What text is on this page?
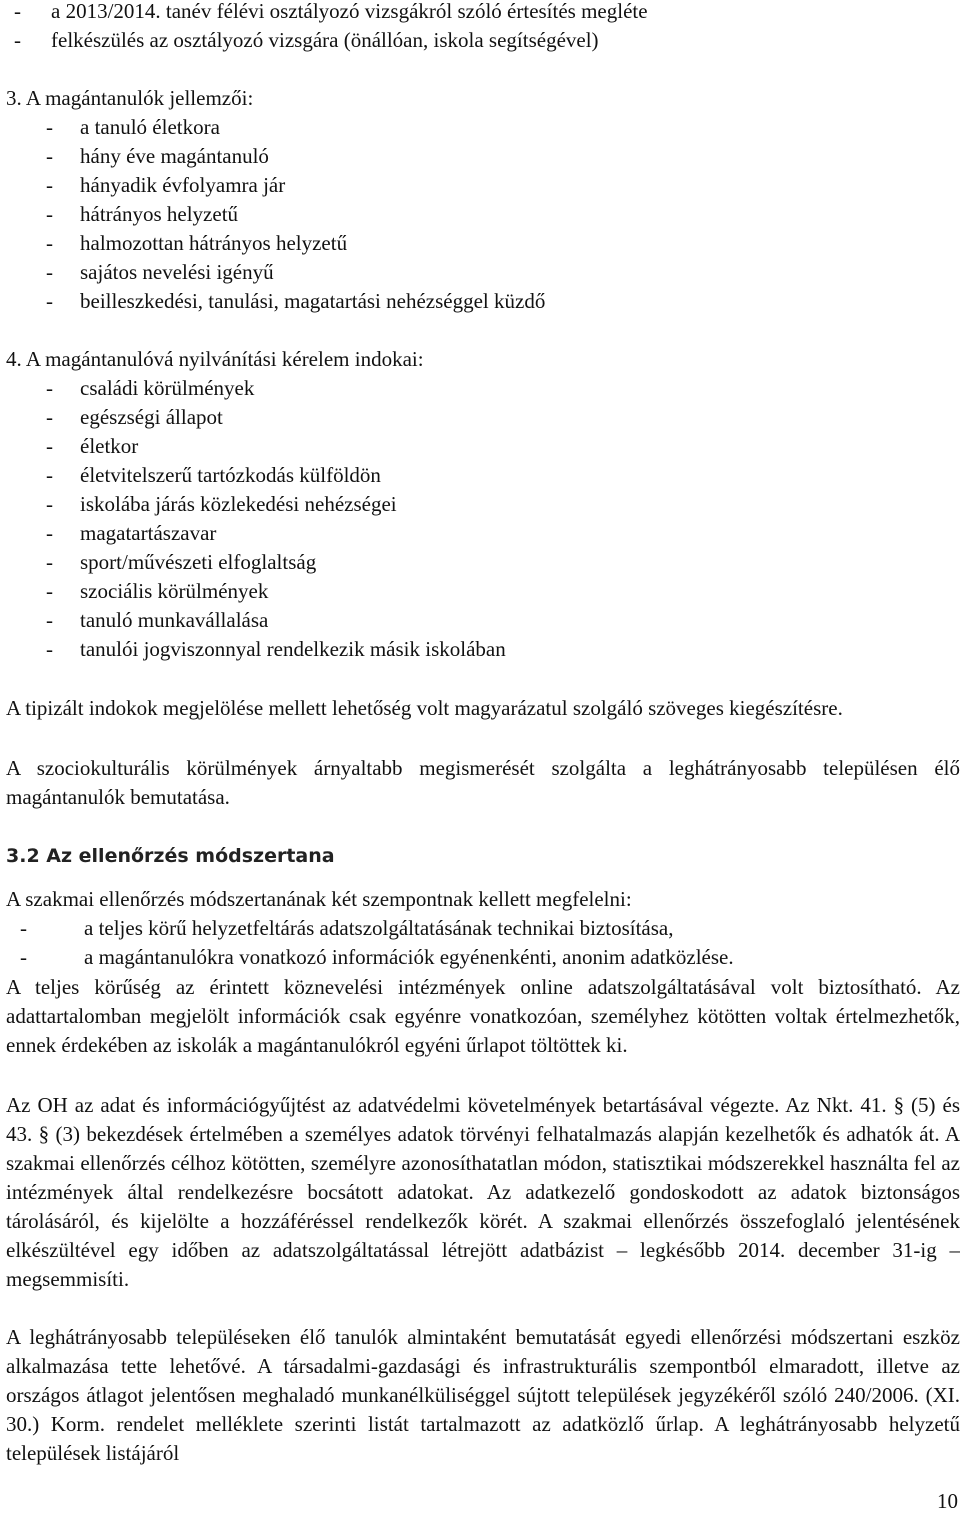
- a 2013/2014. tanév félévi osztályozó vizsgákról szóló értesítés megléte
- felkészülés az osztályozó vizsgára (önállóan, iskola segítségével)
3. A magántanulók jellemzői:
- a tanuló életkora
- hány éve magántanuló
- hányadik évfolyamra jár
- hátrányos helyzetű
- halmozottan hátrányos helyzetű
- sajátos nevelési igényű
- beilleszkedési, tanulási, magatartási nehézséggel küzdő
4. A magántanulóvá nyilvánítási kérelem indokai:
- családi körülmények
- egészségi állapot
- életkor
- életvitelszerű tartózkodás külföldön
- iskolába járás közlekedési nehézségei
- magatartászavar
- sport/művészeti elfoglaltság
- szociális körülmények
- tanuló munkavállalása
- tanulói jogviszonnyal rendelkezik másik iskolában

A tipizált indokok megjelölése mellett lehetőség volt magyarázatul szolgáló szöveges kiegészítésre.

A szociokulturális körülmények árnyaltabb megismerését szolgálta a leghátrányosabb településen élő magántanulók bemutatása.

3.2 Az ellenőrzés módszertana
A szakmai ellenőrzés módszertanának két szempontnak kellett megfelelni:
-	a teljes körű helyzetfeltárás adatszolgáltatásának technikai biztosítása,
-	a magántanulókra vonatkozó információk egyénenkénti, anonim adatközlése.

A teljes körűség az érintett köznevelési intézmények online adatszolgáltatásával volt biztosítható. Az adattartalomban megjelölt információk csak egyénre vonatkozóan, személyhez kötötten voltak értelmezhetők, ennek érdekében az iskolák a magántanulókról egyéni űrlapot töltöttek ki.

Az OH az adat és információgyűjtést az adatvédelmi követelmények betartásával végezte. Az Nkt. 41. § (5) és 43. § (3) bekezdések értelmében a személyes adatok törvényi felhatalmazás alapján kezelhetők és adhatók át. A szakmai ellenőrzés célhoz kötötten, személyre azonosíthatatlan módon, statisztikai módszerekkel használta fel az intézmények által rendelkezésre bocsátott adatokat. Az adatkezelő gondoskodott az adatok biztonságos tárolásáról, és kijelölte a hozzáféréssel rendelkezők körét. A szakmai ellenőrzés összefoglaló jelentésének elkészültével egy időben az adatszolgáltatással létrejött adatbázist – legkésőbb 2014. december 31-ig – megsemmisíti.

A leghátrányosabb településeken élő tanulók almintaként bemutatását egyedi ellenőrzési módszertani eszköz alkalmazása tette lehetővé. A társadalmi-gazdasági és infrastrukturális szempontból elmaradott, illetve az országos átlagot jelentősen meghaladó munkanélküliséggel sújtott települések jegyzékéről szóló 240/2006. (XI. 30.) Korm. rendelet melléklete szerinti listát tartalmazott az adatközlő űrlap. A leghátrányosabb helyzetű települések listájáról

10
